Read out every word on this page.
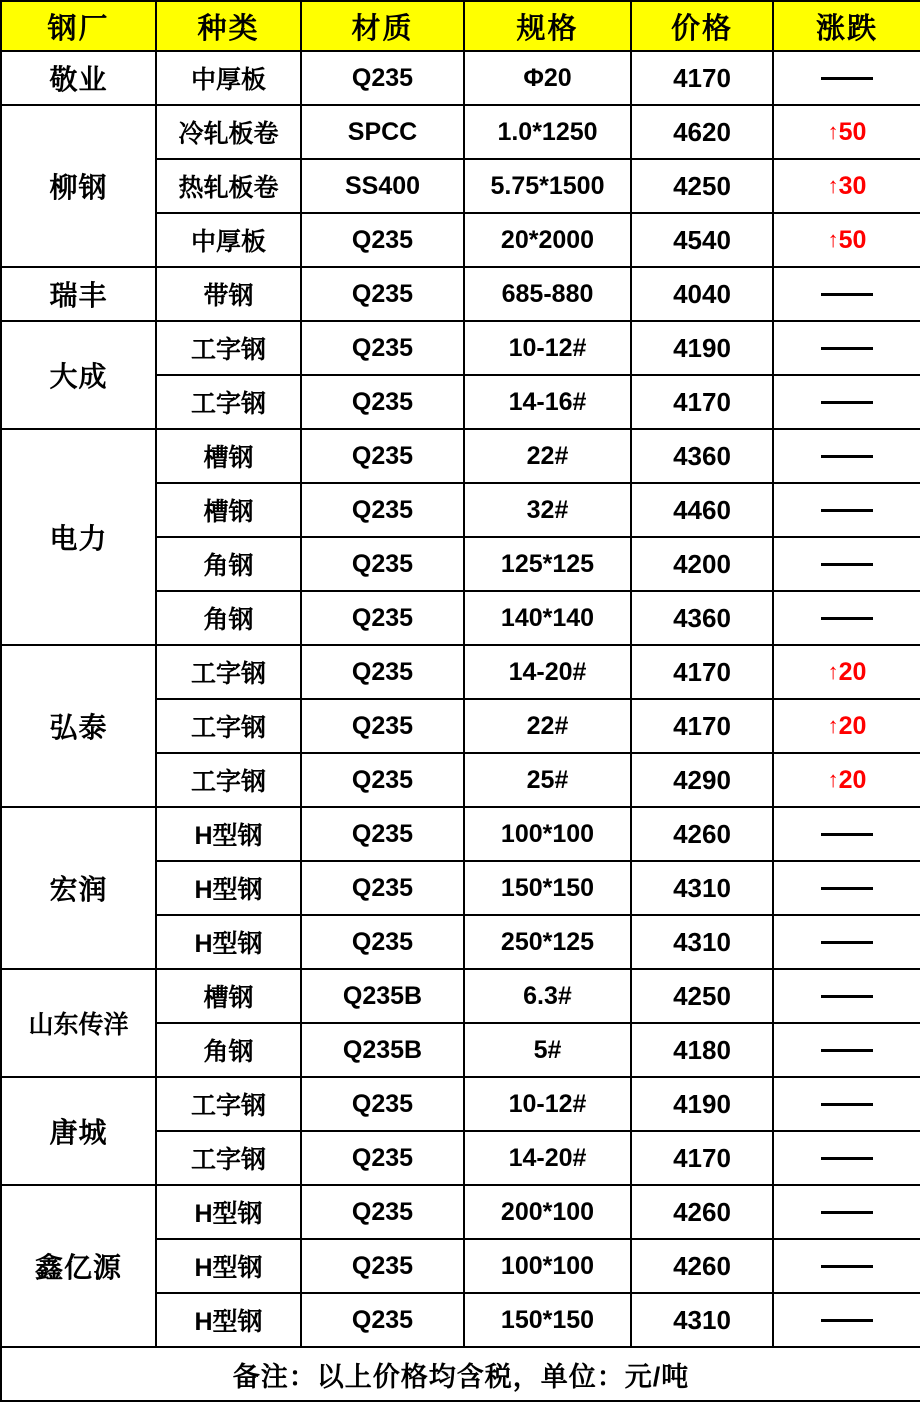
钢厂	种类	材质	规格	价格	涨跌
敬业	中厚板	Q235	Φ20	4170	
柳钢	冷轧板卷	SPCC	1.0*1250	4620	↑50
	热轧板卷	SS400	5.75*1500	4250	↑30
	中厚板	Q235	20*2000	4540	↑50
瑞丰	带钢	Q235	685-880	4040	
大成	工字钢	Q235	10-12#	4190	
	工字钢	Q235	14-16#	4170	
电力	槽钢	Q235	22#	4360	
	槽钢	Q235	32#	4460	
	角钢	Q235	125*125	4200	
	角钢	Q235	140*140	4360	
弘泰	工字钢	Q235	14-20#	4170	↑20
	工字钢	Q235	22#	4170	↑20
	工字钢	Q235	25#	4290	↑20
宏润	H型钢	Q235	100*100	4260	
	H型钢	Q235	150*150	4310	
	H型钢	Q235	250*125	4310	
山东传洋	槽钢	Q235B	6.3#	4250	
	角钢	Q235B	5#	4180	
唐城	工字钢	Q235	10-12#	4190	
	工字钢	Q235	14-20#	4170	
鑫亿源	H型钢	Q235	200*100	4260	
	H型钢	Q235	100*100	4260	
	H型钢	Q235	150*150	4310	
备注：以上价格均含税，单位：元/吨					
